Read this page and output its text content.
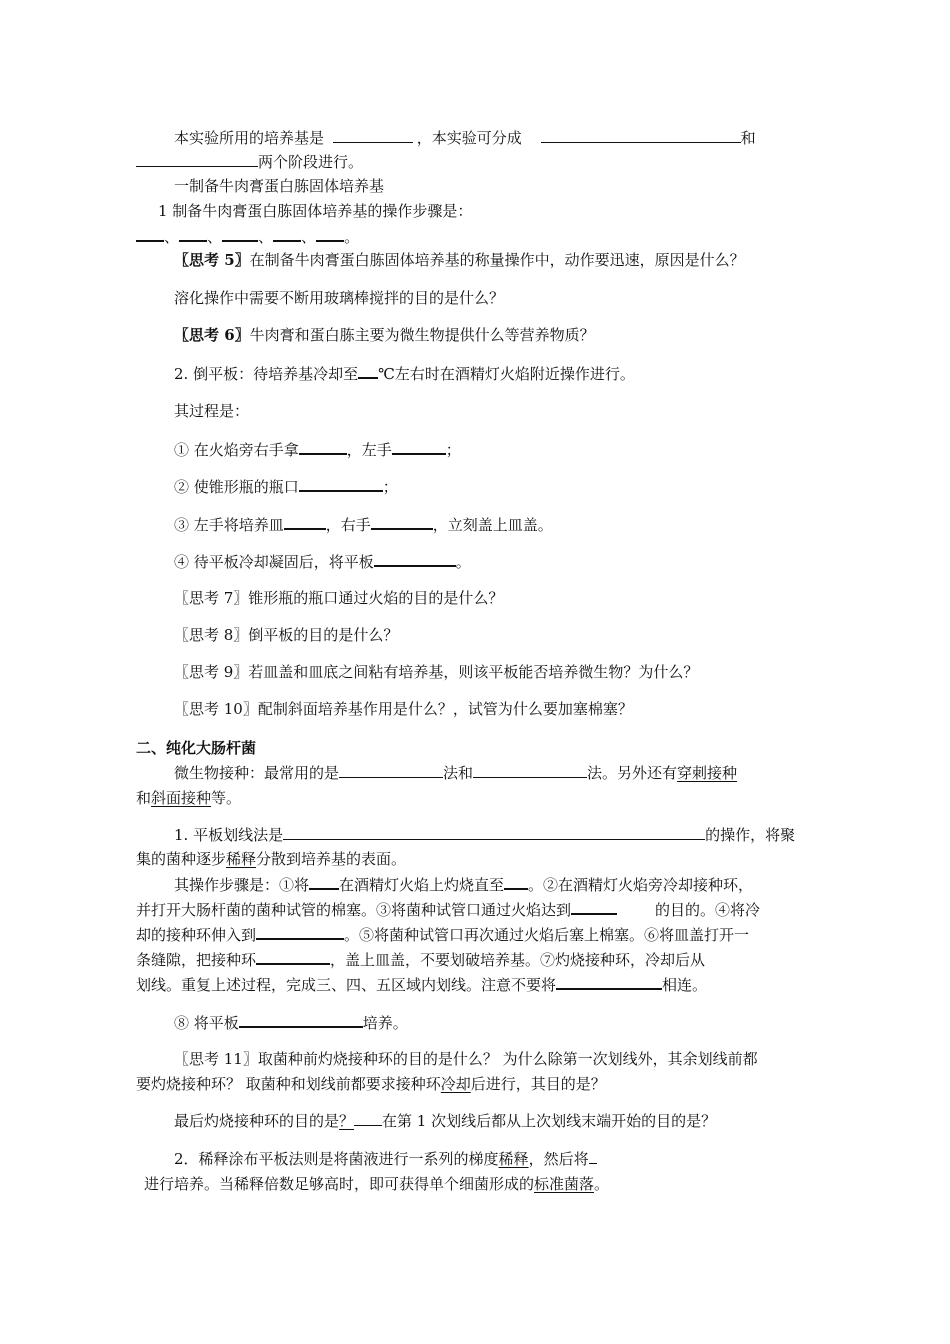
本实验所用的培养基是	，本实验可分成	和
两个阶段进行。
一制备牛肉膏蛋白胨固体培养基
1 制备牛肉膏蛋白胨固体培养基的操作步骤是：
、 、 、 、 。
〖思考 5〗在制备牛肉膏蛋白胨固体培养基的称量操作中，动作要迅速，原因是什么？
溶化操作中需要不断用玻璃棒搅拌的目的是什么？
〖思考 6〗牛肉膏和蛋白胨主要为微生物提供什么等营养物质？
2. 倒平板：待培养基冷却至 ℃左右时在酒精灯火焰附近操作进行。
其过程是：
① 在火焰旁右手拿	，左手	；
② 使锥形瓶的瓶口	；
③ 左手将培养皿	，右手	，立刻盖上皿盖。
④ 待平板冷却凝固后，将平板	。
〖思考 7〗锥形瓶的瓶口通过火焰的目的是什么？
〖思考 8〗倒平板的目的是什么？
〖思考 9〗若皿盖和皿底之间粘有培养基，则该平板能否培养微生物？为什么？
〖思考 10〗配制斜面培养基作用是什么？，试管为什么要加塞棉塞？
二、纯化大肠杆菌
微生物接种：最常用的是	法和	法。另外还有穿刺接种
和斜面接种等。
1. 平板划线法是	的操作，将聚
集的菌种逐步稀释分散到培养基的表面。
其操作步骤是：①将 在酒精灯火焰上灼烧直至 。②在酒精灯火焰旁冷却接种环，
并打开大肠杆菌的菌种试管的棉塞。③将菌种试管口通过火焰达到	的目的。④将冷
却的接种环伸入到	。⑤将菌种试管口再次通过火焰后塞上棉塞。⑥将皿盖打开一
条缝隙，把接种环	，盖上皿盖，不要划破培养基。⑦灼烧接种环，冷却后从
划线。重复上述过程，完成三、四、五区域内划线。注意不要将	相连。
⑧ 将平板	培养。
〖思考 11〗取菌种前灼烧接种环的目的是什么？ 为什么除第一次划线外，其余划线前都
要灼烧接种环？ 取菌种和划线前都要求接种环冷却后进行，其目的是？
最后灼烧接种环的目的是？ 在第 1 次划线后都从上次划线末端开始的目的是？
2．稀释涂布平板法则是将菌液进行一系列的梯度稀释，然后将
进行培养。当稀释倍数足够高时，即可获得单个细菌形成的标准菌落。
